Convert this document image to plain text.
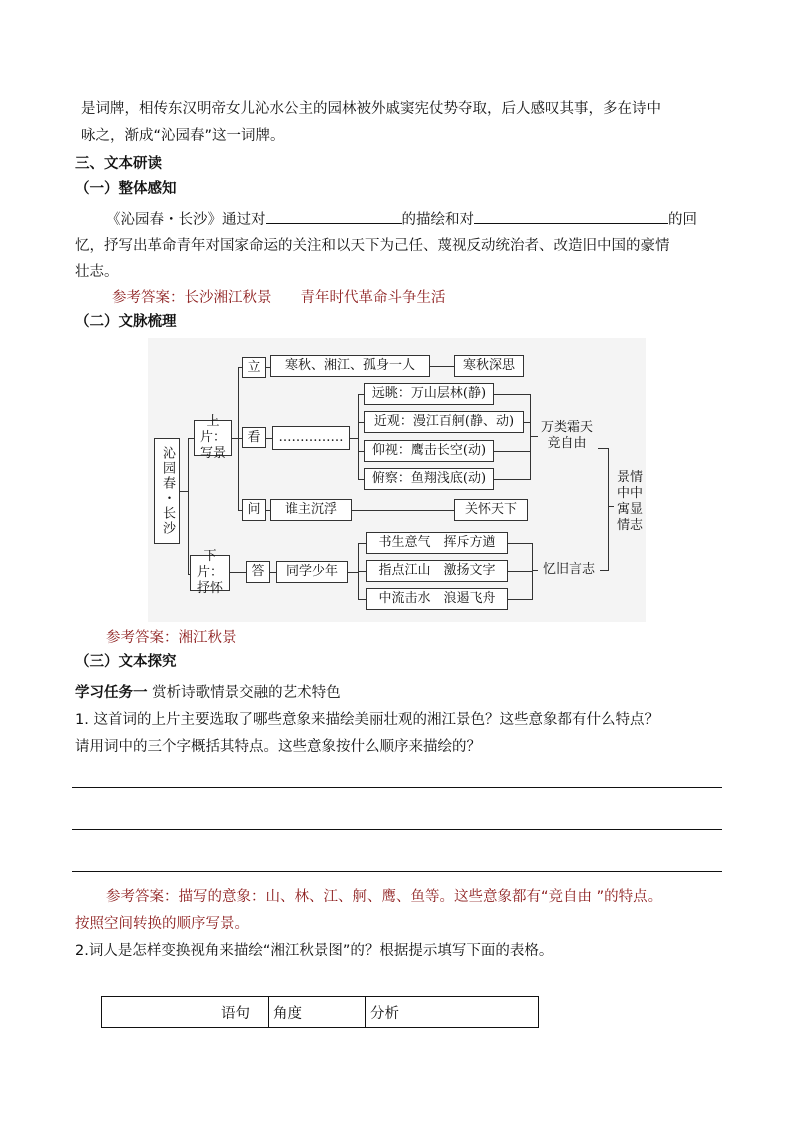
是词牌，相传东汉明帝女儿沁水公主的园林被外戚窦宪仗势夺取，后人感叹其事，多在诗中
咏之，渐成“沁园春”这一词牌。
三、文本研读
（一）整体感知
《沁园春・长沙》通过对	的描绘和对	的回
忆，抒写出革命青年对国家命运的关注和以天下为己任、蔑视反动统治者、改造旧中国的豪情
壮志。
参考答案：长沙湘江秋景　　青年时代革命斗争生活
（二）文脉梳理
沁园春・长沙
上片：写景
下片：抒怀
立	寒秋、湘江、孤身一人	寒秋深思
看	……………
远眺：万山层林(静)
近观：漫江百舸(静、动)
仰视：鹰击长空(动)
俯察：鱼翔浅底(动)
万类霜天竞自由
问	谁主沉浮	关怀天下
答	同学少年
书生意气　挥斥方遒
指点江山　激扬文字
中流击水　浪遏飞舟
忆旧言志
景情中中寓显情志
参考答案：湘江秋景
（三）文本探究
学习任务一 赏析诗歌情景交融的艺术特色
1. 这首词的上片主要选取了哪些意象来描绘美丽壮观的湘江景色？这些意象都有什么特点？
请用词中的三个字概括其特点。这些意象按什么顺序来描绘的？
参考答案：描写的意象：山、林、江、舸、鹰、鱼等。这些意象都有“竞自由 ”的特点。
按照空间转换的顺序写景。
2.词人是怎样变换视角来描绘“湘江秋景图”的？根据提示填写下面的表格。
语句	角度	分析
